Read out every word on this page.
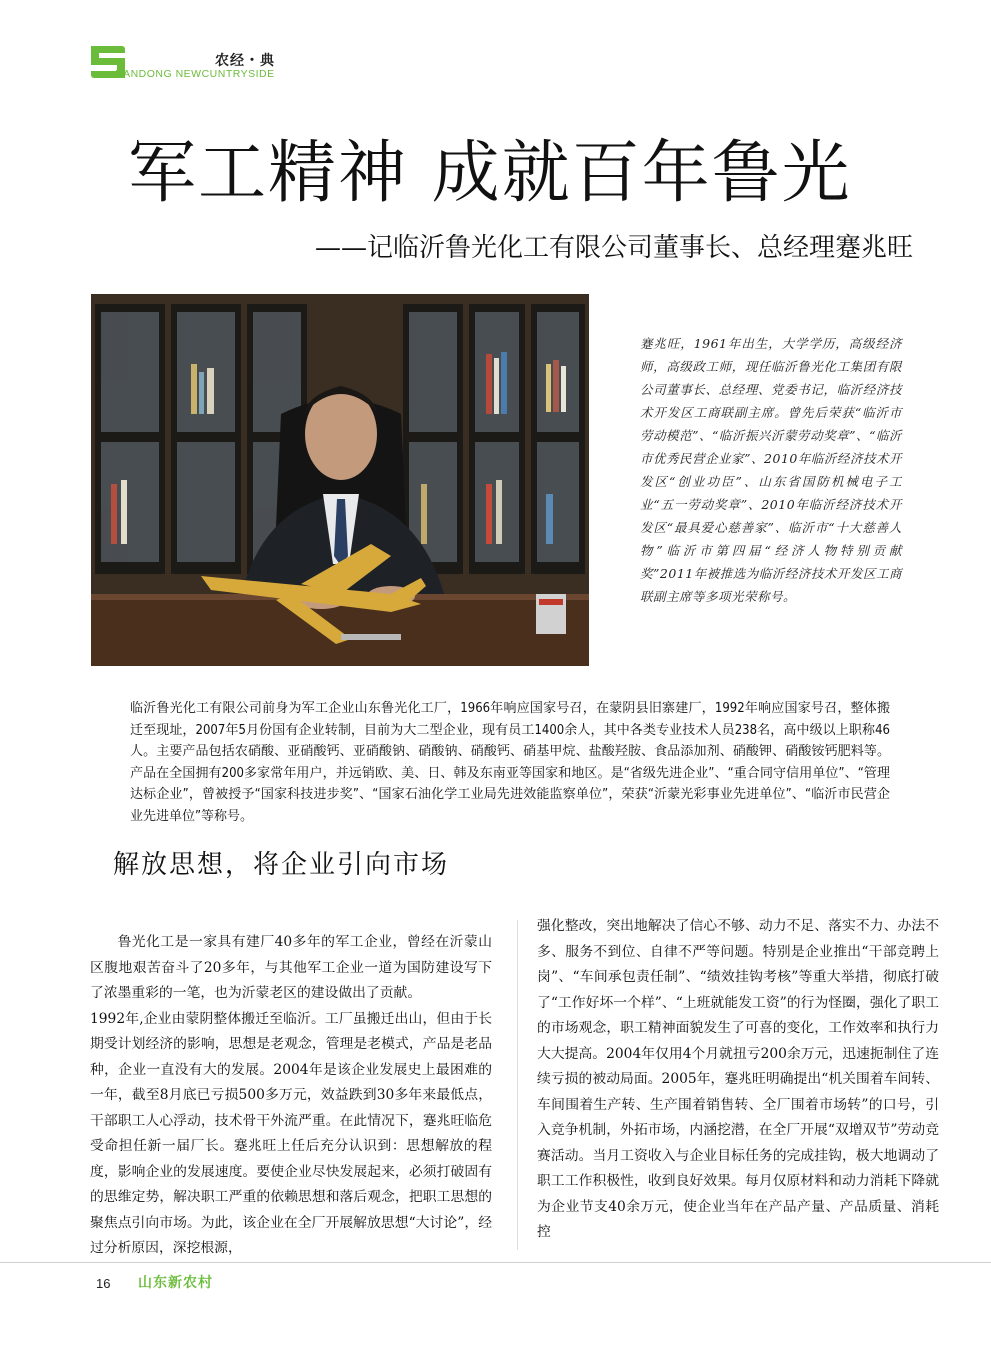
农经・典
HANDONG NEWCUNTRYSIDE
军工精神 成就百年鲁光
——记临沂鲁光化工有限公司董事长、总经理蹇兆旺
蹇兆旺，1961年出生，大学学历，高级经济师，高级政工师，现任临沂鲁光化工集团有限公司董事长、总经理、党委书记，临沂经济技术开发区工商联副主席。曾先后荣获“临沂市劳动模范”、“临沂振兴沂蒙劳动奖章”、“临沂市优秀民营企业家”、2010年临沂经济技术开发区“创业功臣”、山东省国防机械电子工业“五一劳动奖章”、2010年临沂经济技术开发区“最具爱心慈善家”、临沂市“十大慈善人物”临沂市第四届“经济人物特别贡献奖”2011年被推选为临沂经济技术开发区工商联副主席等多项光荣称号。
临沂鲁光化工有限公司前身为军工企业山东鲁光化工厂，1966年响应国家号召，在蒙阴县旧寨建厂，1992年响应国家号召，整体搬迁至现址，2007年5月份国有企业转制，目前为大二型企业，现有员工1400余人，其中各类专业技术人员238名，高中级以上职称46人。主要产品包括农硝酸、亚硝酸钙、亚硝酸钠、硝酸钠、硝酸钙、硝基甲烷、盐酸羟胺、食品添加剂、硝酸钾、硝酸铵钙肥料等。产品在全国拥有200多家常年用户，并远销欧、美、日、韩及东南亚等国家和地区。是“省级先进企业”、“重合同守信用单位”、“管理达标企业”，曾被授予“国家科技进步奖”、“国家石油化学工业局先进效能监察单位”，荣获“沂蒙光彩事业先进单位”、“临沂市民营企业先进单位”等称号。
解放思想，将企业引向市场

鲁光化工是一家具有建厂40多年的军工企业，曾经在沂蒙山区腹地艰苦奋斗了20多年，与其他军工企业一道为国防建设写下了浓墨重彩的一笔，也为沂蒙老区的建设做出了贡献。

1992年,企业由蒙阴整体搬迁至临沂。工厂虽搬迁出山，但由于长期受计划经济的影响，思想是老观念，管理是老模式，产品是老品种，企业一直没有大的发展。2004年是该企业发展史上最困难的一年，截至8月底已亏损500多万元，效益跌到30多年来最低点，干部职工人心浮动，技术骨干外流严重。在此情况下，蹇兆旺临危受命担任新一届厂长。蹇兆旺上任后充分认识到：思想解放的程度，影响企业的发展速度。要使企业尽快发展起来，必须打破固有的思维定势，解决职工严重的依赖思想和落后观念，把职工思想的聚焦点引向市场。为此，该企业在全厂开展解放思想“大讨论”，经过分析原因，深挖根源，

强化整改，突出地解决了信心不够、动力不足、落实不力、办法不多、服务不到位、自律不严等问题。特别是企业推出“干部竞聘上岗”、“车间承包责任制”、“绩效挂钩考核”等重大举措，彻底打破了“工作好坏一个样”、“上班就能发工资”的行为怪圈，强化了职工的市场观念，职工精神面貌发生了可喜的变化，工作效率和执行力大大提高。2004年仅用4个月就扭亏200余万元，迅速扼制住了连续亏损的被动局面。2005年，蹇兆旺明确提出“机关围着车间转、车间围着生产转、生产围着销售转、全厂围着市场转”的口号，引入竞争机制，外拓市场，内涵挖潜，在全厂开展“双增双节”劳动竞赛活动。当月工资收入与企业目标任务的完成挂钩，极大地调动了职工工作积极性，收到良好效果。每月仅原材料和动力消耗下降就为企业节支40余万元，使企业当年在产品产量、产品质量、消耗控

16 山东新农村
